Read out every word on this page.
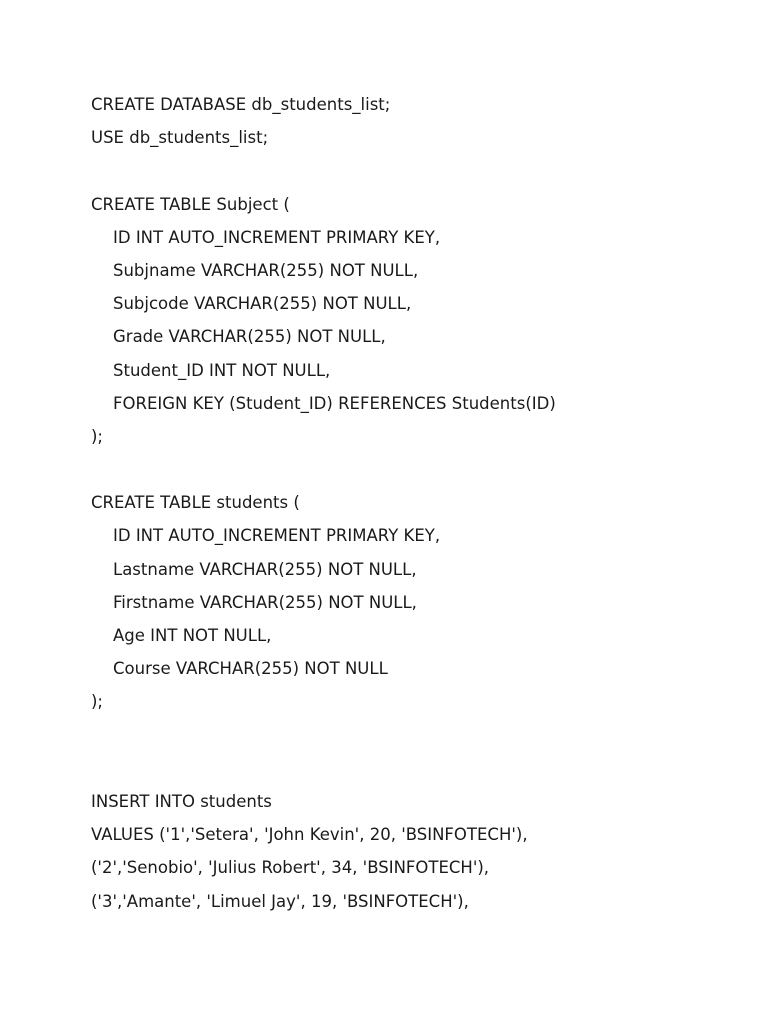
CREATE DATABASE db_students_list;
USE db_students_list;
CREATE TABLE Subject (
ID INT AUTO_INCREMENT PRIMARY KEY,
Subjname VARCHAR(255) NOT NULL,
Subjcode VARCHAR(255) NOT NULL,
Grade VARCHAR(255) NOT NULL,
Student_ID INT NOT NULL,
FOREIGN KEY (Student_ID) REFERENCES Students(ID)
);
CREATE TABLE students (
ID INT AUTO_INCREMENT PRIMARY KEY,
Lastname VARCHAR(255) NOT NULL,
Firstname VARCHAR(255) NOT NULL,
Age INT NOT NULL,
Course VARCHAR(255) NOT NULL
);
INSERT INTO students
VALUES ('1','Setera', 'John Kevin', 20, 'BSINFOTECH'),
('2','Senobio', 'Julius Robert', 34, 'BSINFOTECH'),
('3','Amante', 'Limuel Jay', 19, 'BSINFOTECH'),
